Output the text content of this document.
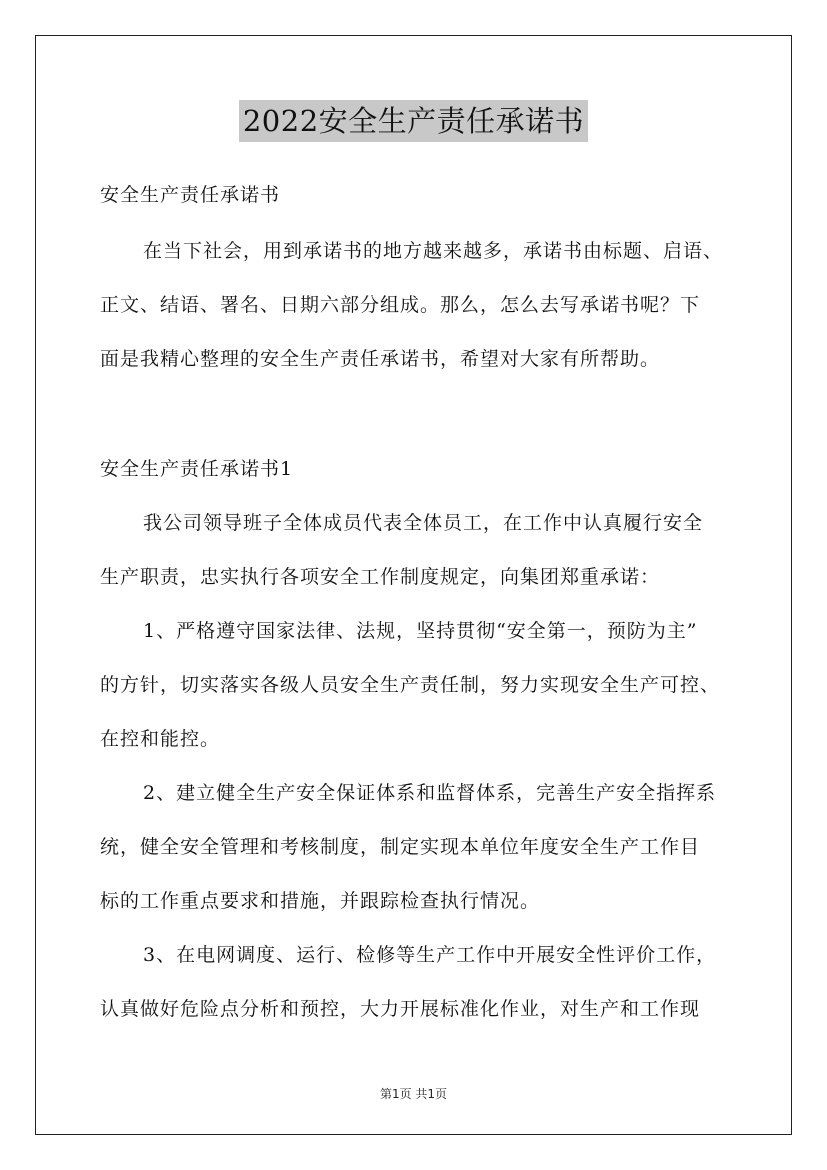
2022安全生产责任承诺书
安全生产责任承诺书
在当下社会，用到承诺书的地方越来越多，承诺书由标题、启语、
正文、结语、署名、日期六部分组成。那么，怎么去写承诺书呢？下
面是我精心整理的安全生产责任承诺书，希望对大家有所帮助。
安全生产责任承诺书1
我公司领导班子全体成员代表全体员工，在工作中认真履行安全
生产职责，忠实执行各项安全工作制度规定，向集团郑重承诺：
1、严格遵守国家法律、法规，坚持贯彻“安全第一，预防为主”
的方针，切实落实各级人员安全生产责任制，努力实现安全生产可控、
在控和能控。
2、建立健全生产安全保证体系和监督体系，完善生产安全指挥系
统，健全安全管理和考核制度，制定实现本单位年度安全生产工作目
标的工作重点要求和措施，并跟踪检查执行情况。
3、在电网调度、运行、检修等生产工作中开展安全性评价工作，
认真做好危险点分析和预控，大力开展标准化作业，对生产和工作现
第1页 共1页
